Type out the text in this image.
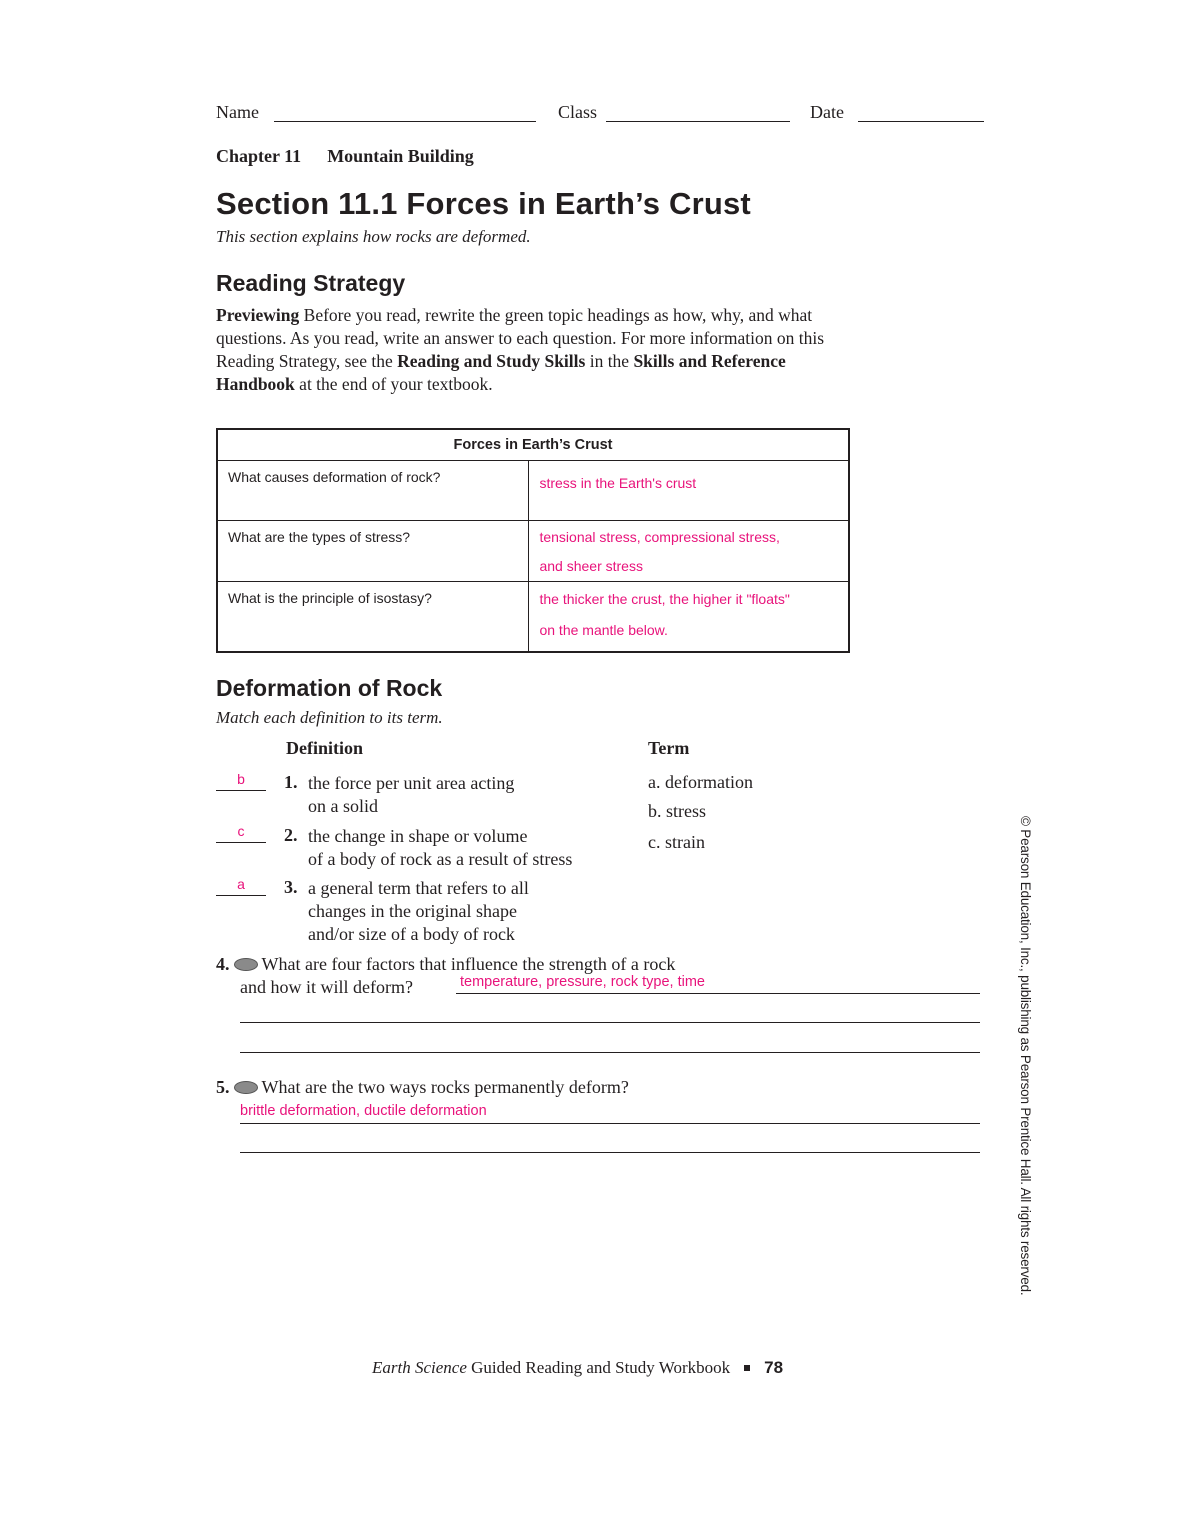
Name	Class	Date
Chapter 11 Mountain Building
Section 11.1 Forces in Earth’s Crust
This section explains how rocks are deformed.
Reading Strategy
Previewing Before you read, rewrite the green topic headings as how, why, and what questions. As you read, write an answer to each question. For more information on this Reading Strategy, see the Reading and Study Skills in the Skills and Reference Handbook at the end of your textbook.
Forces in Earth’s Crust	

What causes deformation of rock?	stress in the Earth's crust

What are the types of stress?	tensional stress, compressional stress,
and sheer stress

What is the principle of isostasy?	the thicker the crust, the higher it "floats"
on the mantle below.
Deformation of Rock
Match each definition to its term.
Definition	Term
b	1. the force per unit area acting
on a solid
c	2. the change in shape or volume
of a body of rock as a result of stress
a	3. a general term that refers to all
changes in the original shape
and/or size of a body of rock
a. deformation
b. stress
c. strain
4. What are four factors that influence the strength of a rock
and how it will deform?	temperature, pressure, rock type, time
5. What are the two ways rocks permanently deform?
brittle deformation, ductile deformation	© Pearson Education, Inc., publishing as Pearson Prentice Hall. All rights reserved.
Earth Science Guided Reading and Study Workbook 78
